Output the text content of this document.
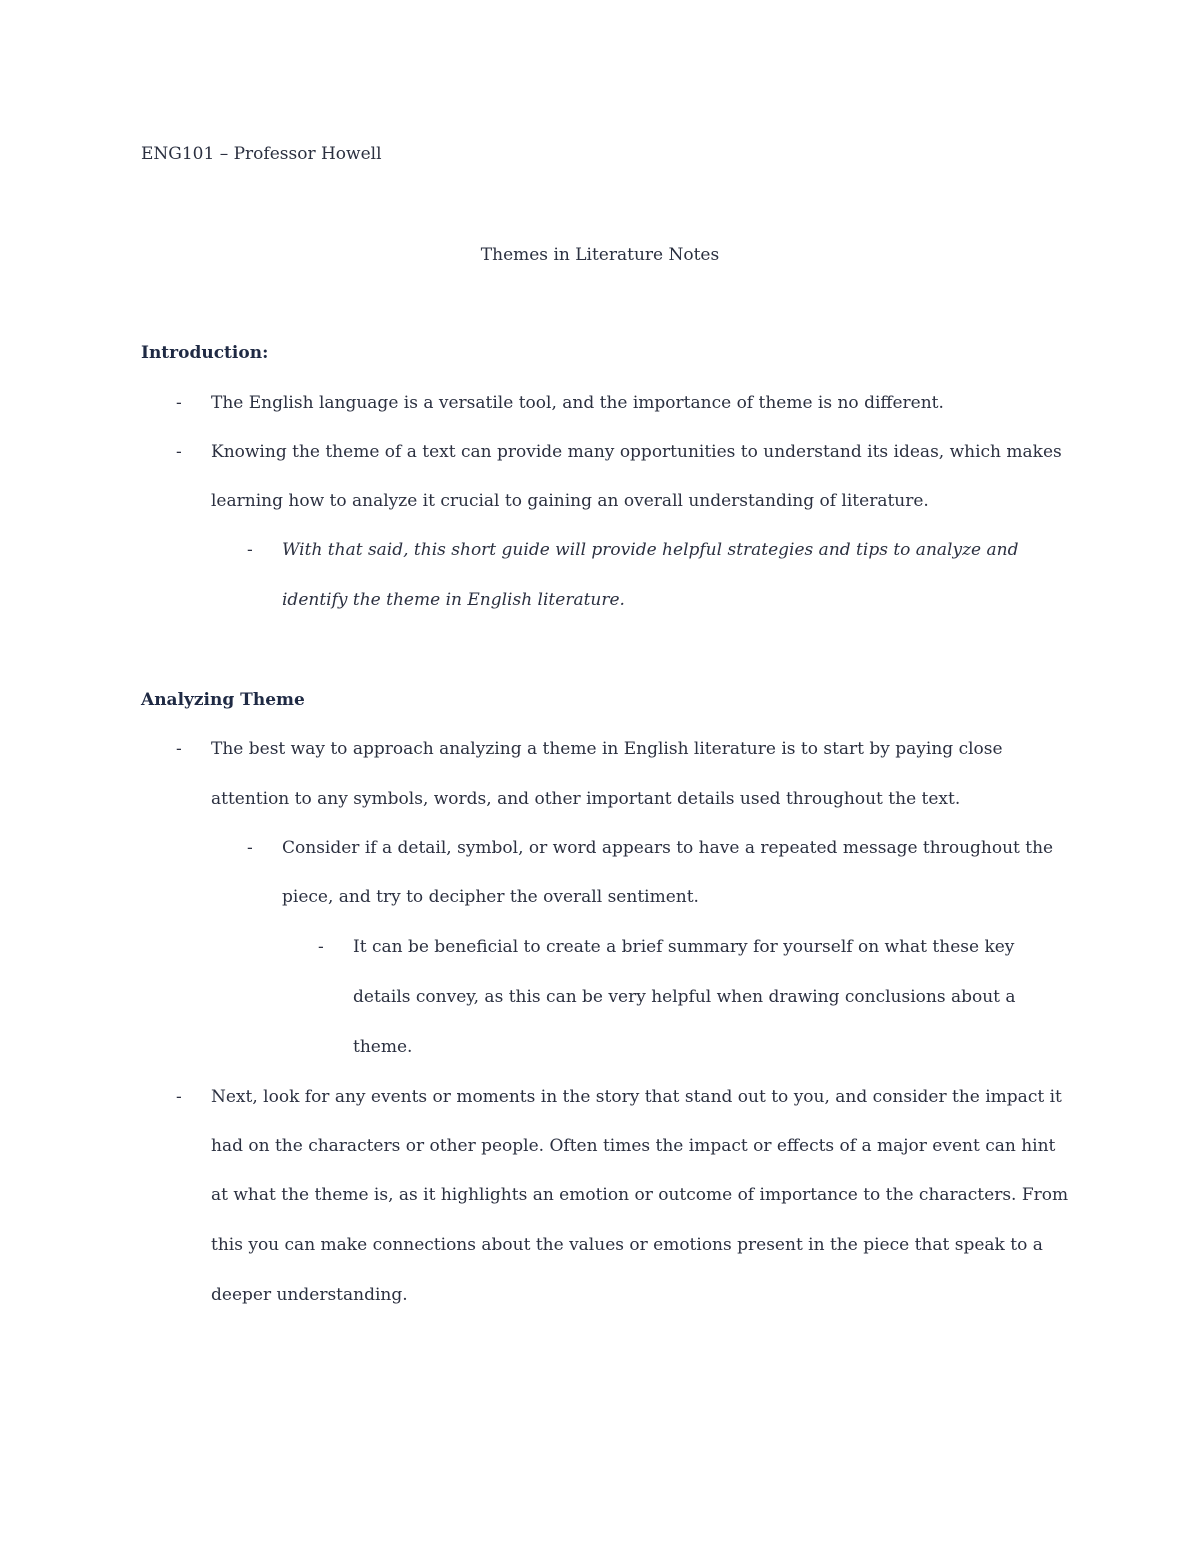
ENG101 – Professor Howell
Themes in Literature Notes
Introduction:
- The English language is a versatile tool, and the importance of theme is no different.
- Knowing the theme of a text can provide many opportunities to understand its ideas, which makes
learning how to analyze it crucial to gaining an overall understanding of literature.
- With that said, this short guide will provide helpful strategies and tips to analyze and
identify the theme in English literature.
Analyzing Theme
- The best way to approach analyzing a theme in English literature is to start by paying close
attention to any symbols, words, and other important details used throughout the text.
- Consider if a detail, symbol, or word appears to have a repeated message throughout the
piece, and try to decipher the overall sentiment.
- It can be beneficial to create a brief summary for yourself on what these key
details convey, as this can be very helpful when drawing conclusions about a
theme.
- Next, look for any events or moments in the story that stand out to you, and consider the impact it
had on the characters or other people. Often times the impact or effects of a major event can hint
at what the theme is, as it highlights an emotion or outcome of importance to the characters. From
this you can make connections about the values or emotions present in the piece that speak to a
deeper understanding.
